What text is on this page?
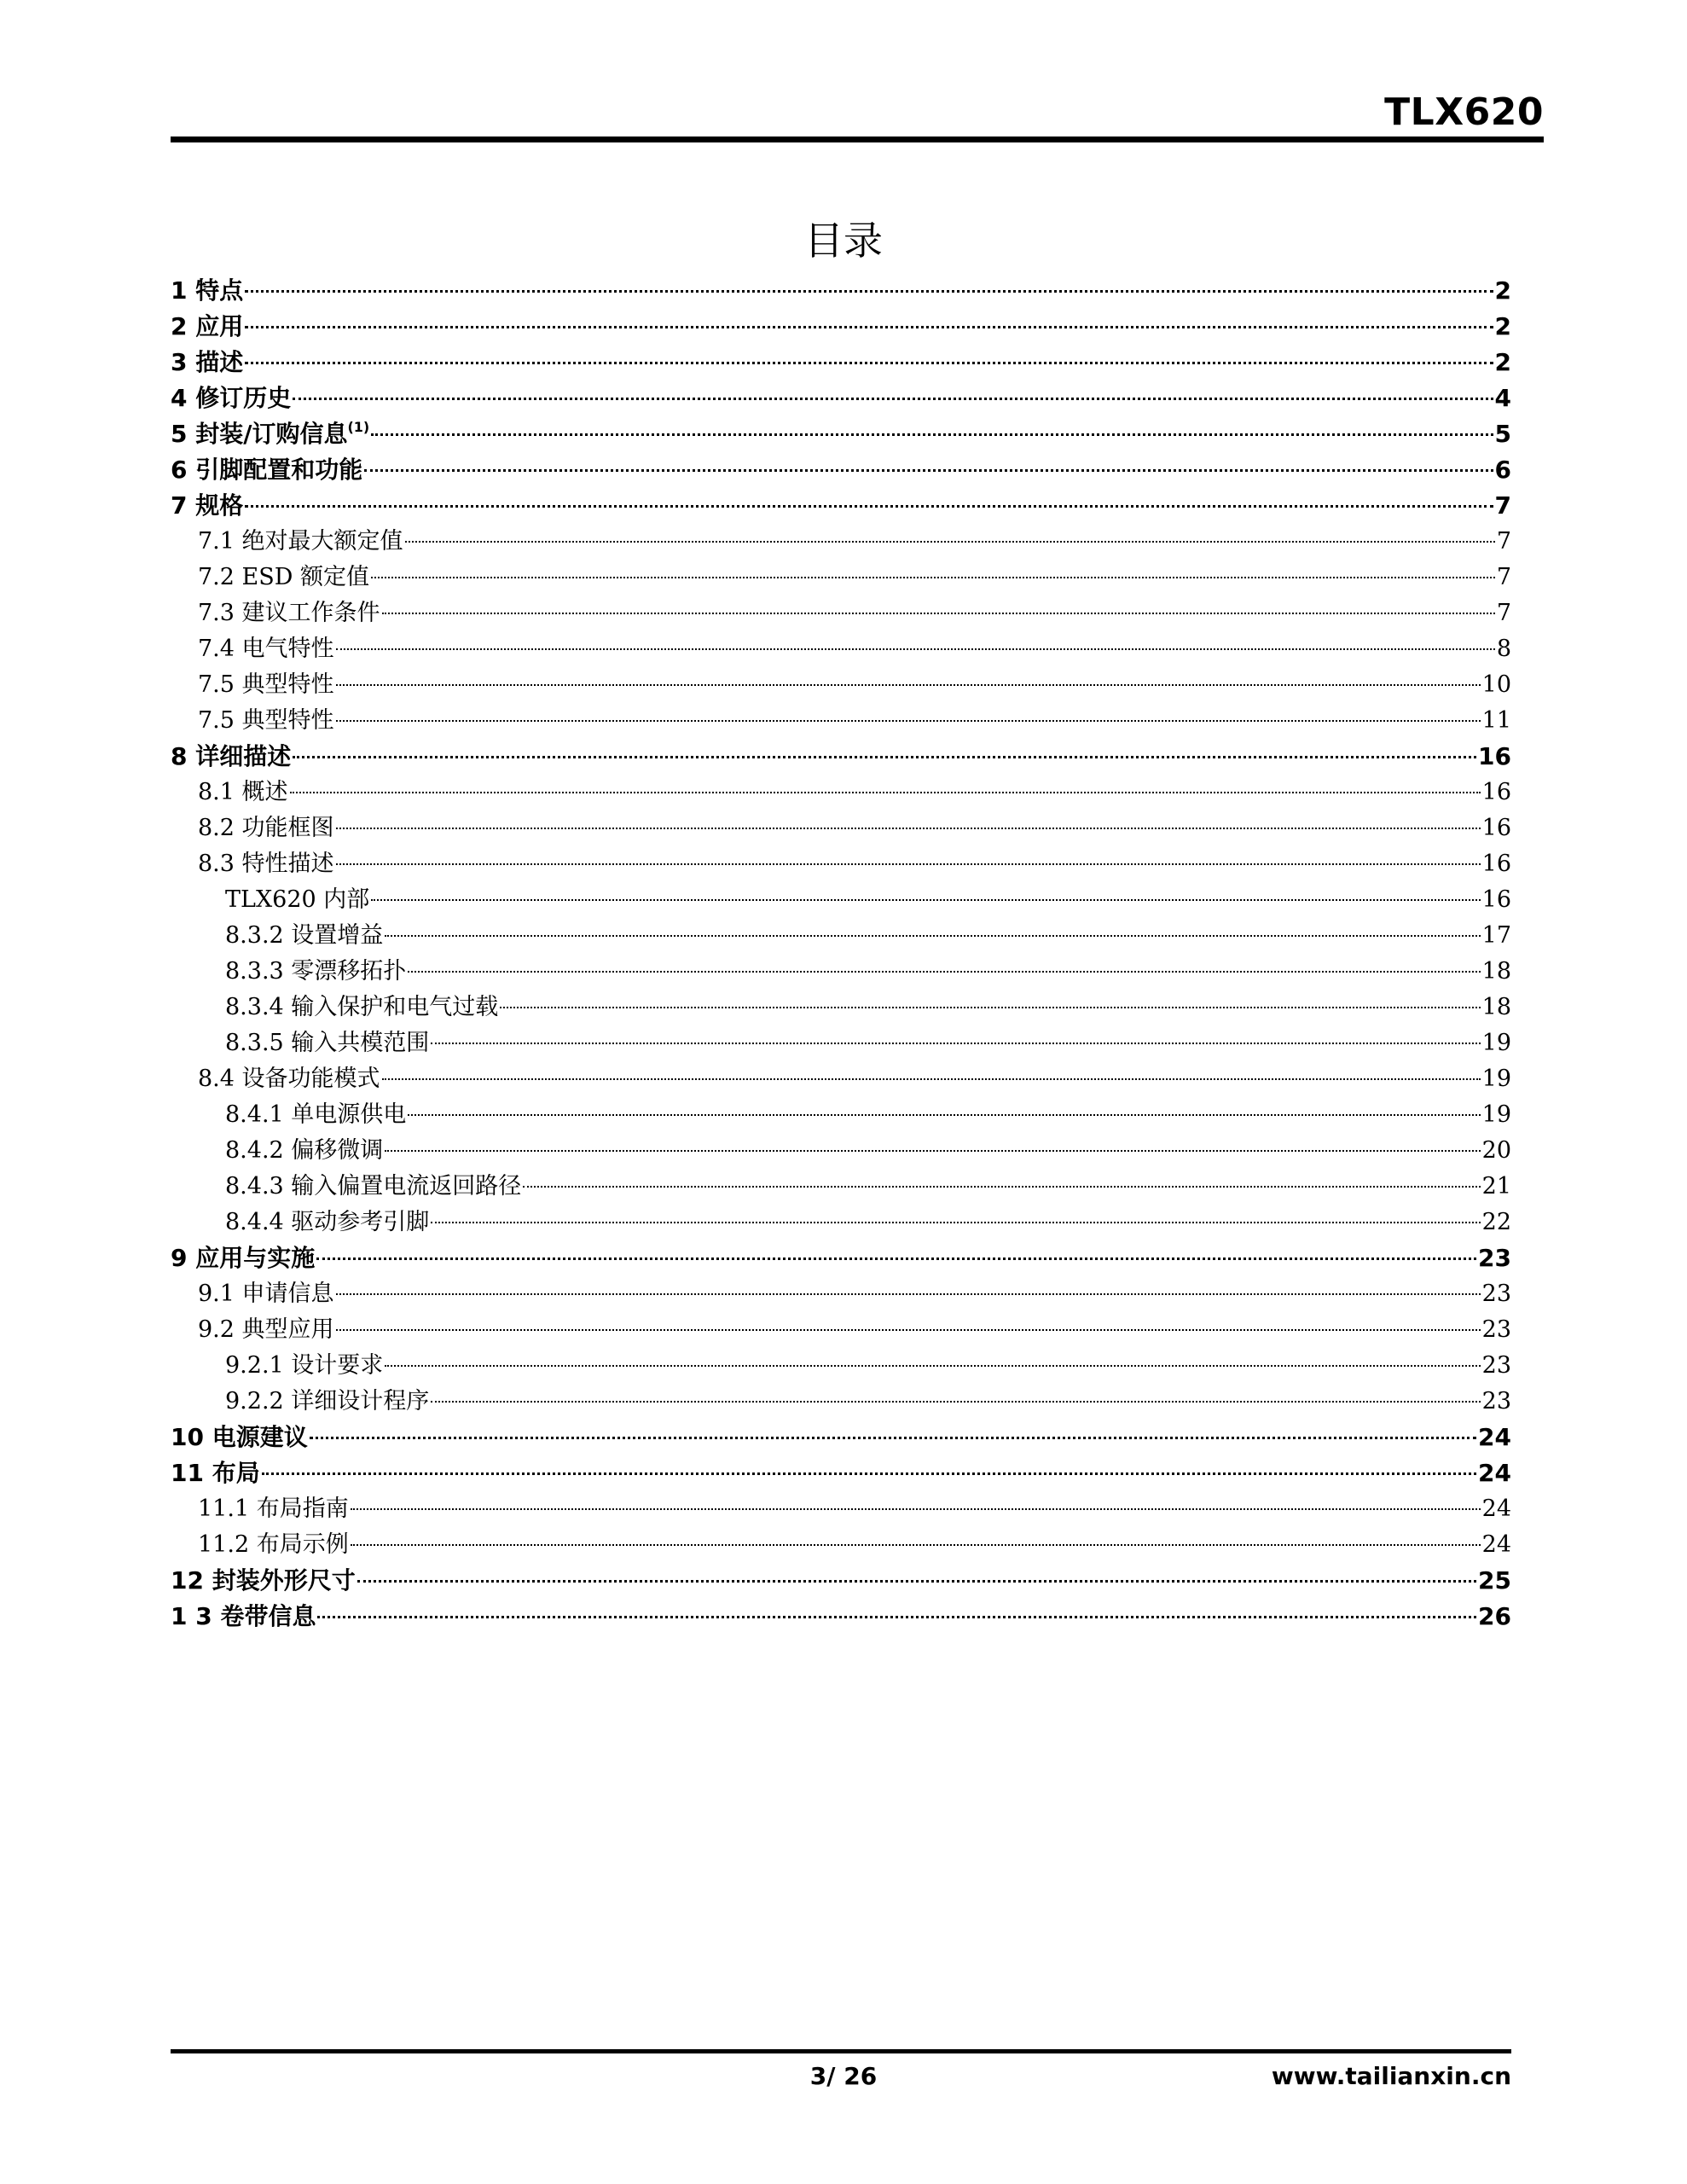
TLX620
目录
1 特点	2
2 应用	2
3 描述	2
4 修订历史	4
5 封装/订购信息$^{(1)}$	5
6 引脚配置和功能	6
7 规格	7
7.1 绝对最大额定值	7
7.2 ESD 额定值	7
7.3 建议工作条件	7
7.4 电气特性	8
7.5 典型特性	10
7.5 典型特性	11
8 详细描述	16
8.1 概述	16
8.2 功能框图	16
8.3 特性描述	16
TLX620 内部	16
8.3.2 设置增益	17
8.3.3 零漂移拓扑	18
8.3.4 输入保护和电气过载	18
8.3.5 输入共模范围	19
8.4 设备功能模式	19
8.4.1 单电源供电	19
8.4.2 偏移微调	20
8.4.3 输入偏置电流返回路径	21
8.4.4 驱动参考引脚	22
9 应用与实施	23
9.1 申请信息	23
9.2 典型应用	23
9.2.1 设计要求	23
9.2.2 详细设计程序	23
10 电源建议	24
11 布局	24
11.1 布局指南	24
11.2 布局示例	24
12 封装外形尺寸	25
1 3 卷带信息	26
3/ 26	www.tailianxin.cn
